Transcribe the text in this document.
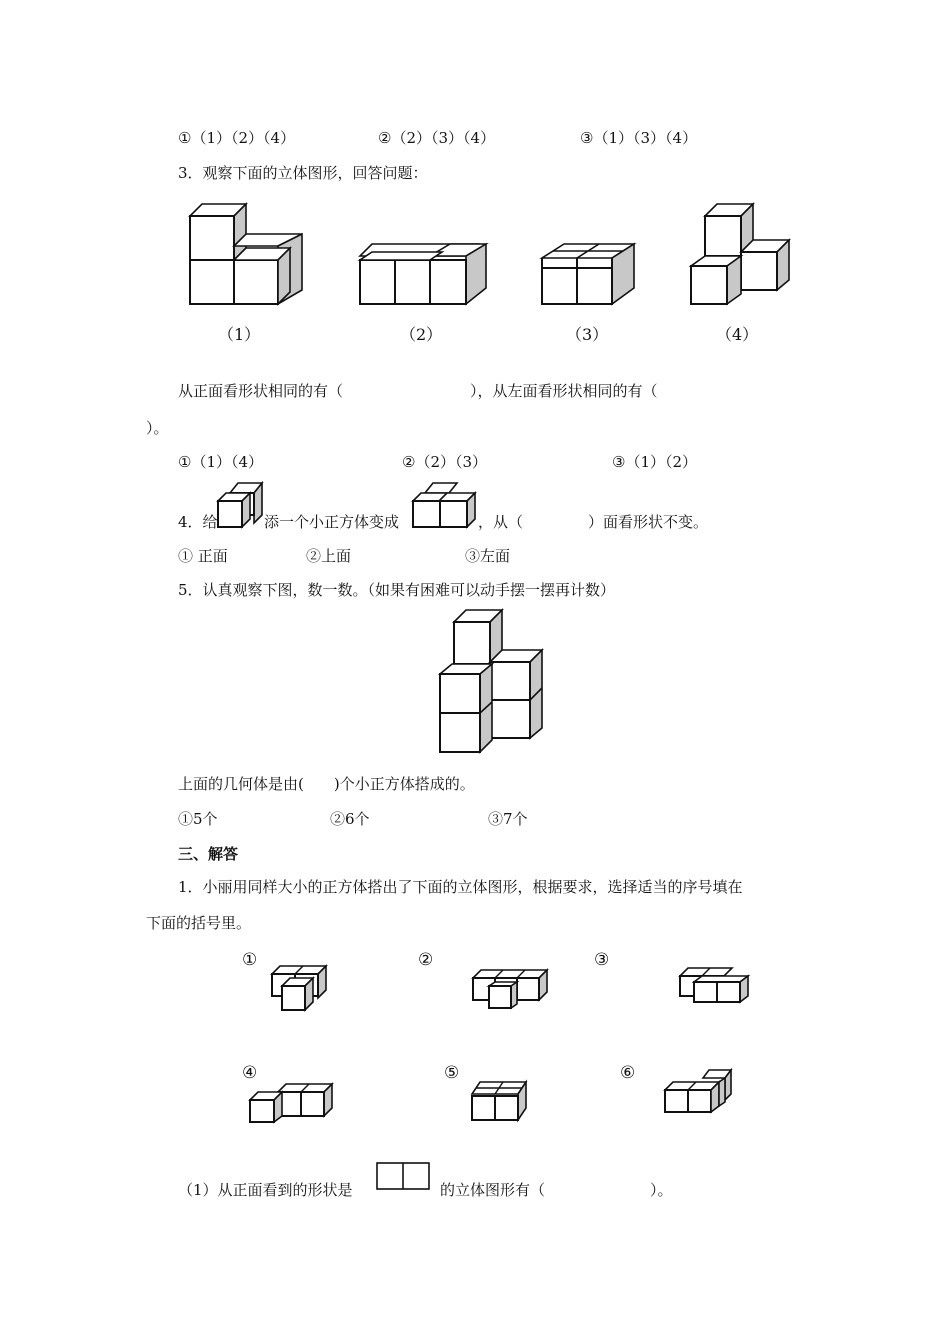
①（1）（2）（4）	②（2）（3）（4）	③（1）（3）（4）
3．观察下面的立体图形，回答问题：
（1）	（2）	（3）	（4）
从正面看形状相同的有（	），从左面看形状相同的有（
）。
①（1）（4）	②（2）（3）	③（1）（2）
4．给	添一个小正方体变成	，从（	）面看形状不变。
① 正面	②上面	③左面
5．认真观察下图，数一数。（如果有困难可以动手摆一摆再计数）
上面的几何体是由(　　)个小正方体搭成的。
①5个	②6个	③7个
三、解答
1．小丽用同样大小的正方体搭出了下面的立体图形，根据要求，选择适当的序号填在
下面的括号里。
①	②	③
④	⑤	⑥
（1）从正面看到的形状是	的立体图形有（	）。
